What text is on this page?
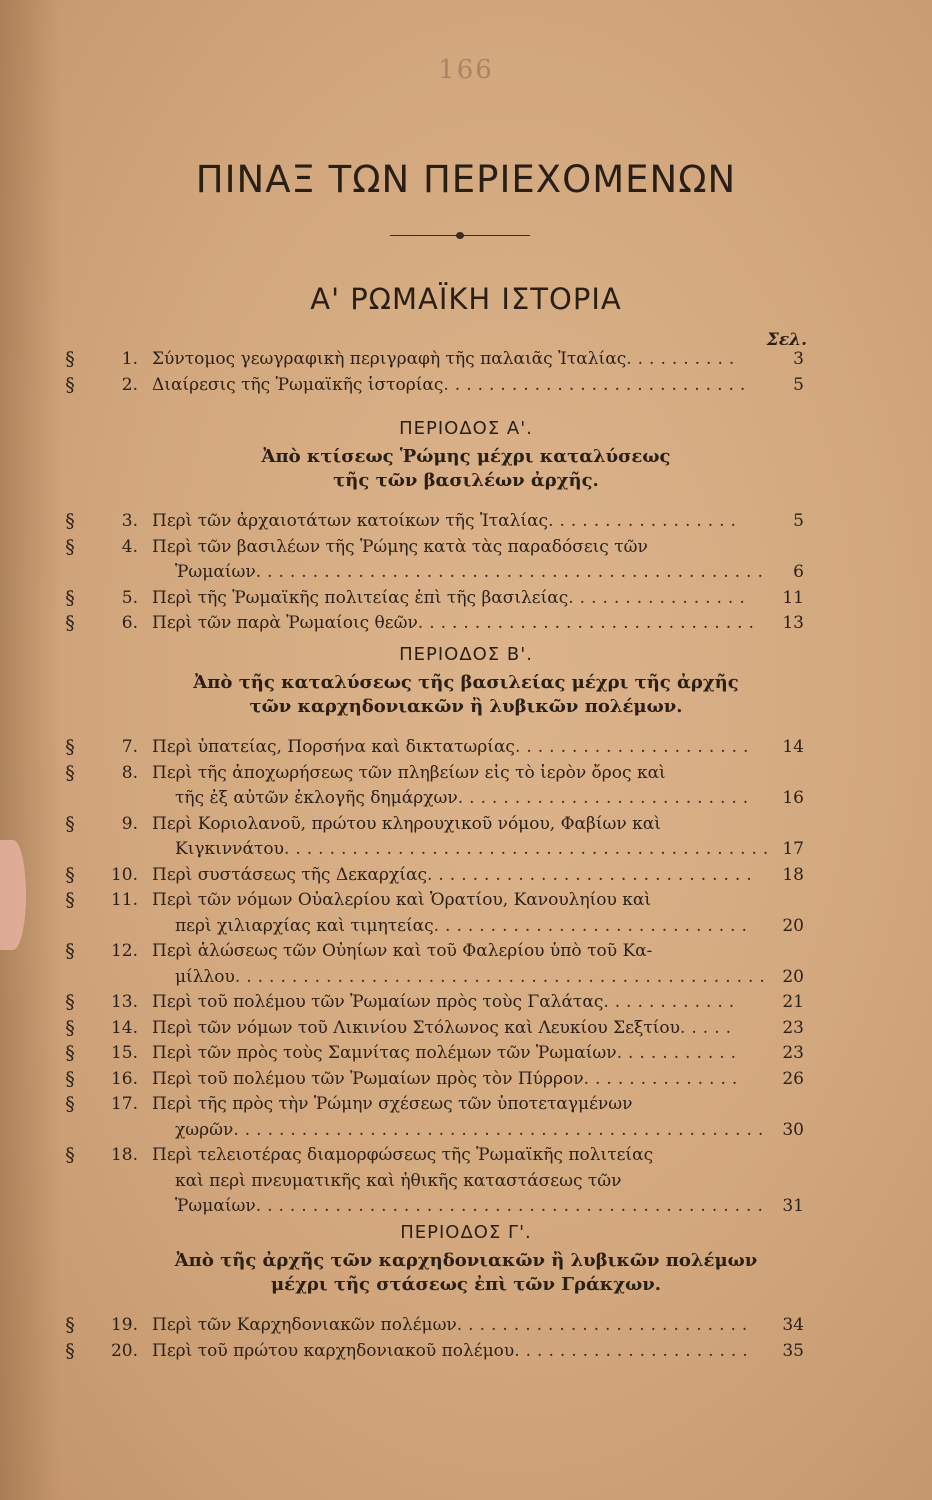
166
ΠΙΝΑΞ ΤΩΝ ΠΕΡΙΕΧΟΜΕΝΩΝ
Α' ΡΩΜΑΪΚΗ ΙΣΤΟΡΙΑ
Σελ.
§	1. Σύντομος γεωγραφικὴ περιγραφὴ τῆς παλαιᾶς Ἰταλίας..........	3
§	2. Διαίρεσις τῆς Ῥωμαϊκῆς ἱστορίας...........................	5
ΠΕΡΙΟΔΟΣ Α'.
Ἀπὸ κτίσεως Ῥώμης μέχρι καταλύσεως
τῆς τῶν βασιλέων ἀρχῆς.
§	3. Περὶ τῶν ἀρχαιοτάτων κατοίκων τῆς Ἰταλίας.................	5
§	4. Περὶ τῶν βασιλέων τῆς Ῥώμης κατὰ τὰς παραδόσεις τῶν
Ῥωμαίων.............................................	6
§	5. Περὶ τῆς Ῥωμαϊκῆς πολιτείας ἐπὶ τῆς βασιλείας................	11
§	6. Περὶ τῶν παρὰ Ῥωμαίοις θεῶν..............................	13
ΠΕΡΙΟΔΟΣ Β'.
Ἀπὸ τῆς καταλύσεως τῆς βασιλείας μέχρι τῆς ἀρχῆς
τῶν καρχηδονιακῶν ἢ λυβικῶν πολέμων.
§	7. Περὶ ὑπατείας, Πορσήνα καὶ δικτατωρίας.....................	14
§	8. Περὶ τῆς ἀποχωρήσεως τῶν πληβείων εἰς τὸ ἱερὸν ὄρος καὶ
τῆς ἐξ αὐτῶν ἐκλογῆς δημάρχων..........................	16
§	9. Περὶ Κοριολανοῦ, πρώτου κληρουχικοῦ νόμου, Φαβίων καὶ
Κιγκιννάτου........................................... 17
§	10. Περὶ συστάσεως τῆς Δεκαρχίας.............................	18
§	11. Περὶ τῶν νόμων Οὐαλερίου καὶ Ὁρατίου, Κανουληίου καὶ
περὶ χιλιαρχίας καὶ τιμητείας............................	20
§	12. Περὶ ἁλώσεως τῶν Οὐηίων καὶ τοῦ Φαλερίου ὑπὸ τοῦ Κα-
μίλλου............................................... 20
§	13. Περὶ τοῦ πολέμου τῶν Ῥωμαίων πρὸς τοὺς Γαλάτας............	21
§	14. Περὶ τῶν νόμων τοῦ Λικινίου Στόλωνος καὶ Λευκίου Σεξτίου.....	23
§	15. Περὶ τῶν πρὸς τοὺς Σαμνίτας πολέμων τῶν Ῥωμαίων...........	23
§	16. Περὶ τοῦ πολέμου τῶν Ῥωμαίων πρὸς τὸν Πύρρον..............	26
§	17. Περὶ τῆς πρὸς τὴν Ῥώμην σχέσεως τῶν ὑποτεταγμένων
χωρῶν............................................... 30
§	18. Περὶ τελειοτέρας διαμορφώσεως τῆς Ῥωμαϊκῆς πολιτείας
καὶ περὶ πνευματικῆς καὶ ἠθικῆς καταστάσεως τῶν
Ῥωμαίων............................................. 31
ΠΕΡΙΟΔΟΣ Γ'.
Ἀπὸ τῆς ἀρχῆς τῶν καρχηδονιακῶν ἢ λυβικῶν πολέμων
μέχρι τῆς στάσεως ἐπὶ τῶν Γράκχων.
§	19. Περὶ τῶν Καρχηδονιακῶν πολέμων..........................	34
§	20. Περὶ τοῦ πρώτου καρχηδονιακοῦ πολέμου.....................	35
